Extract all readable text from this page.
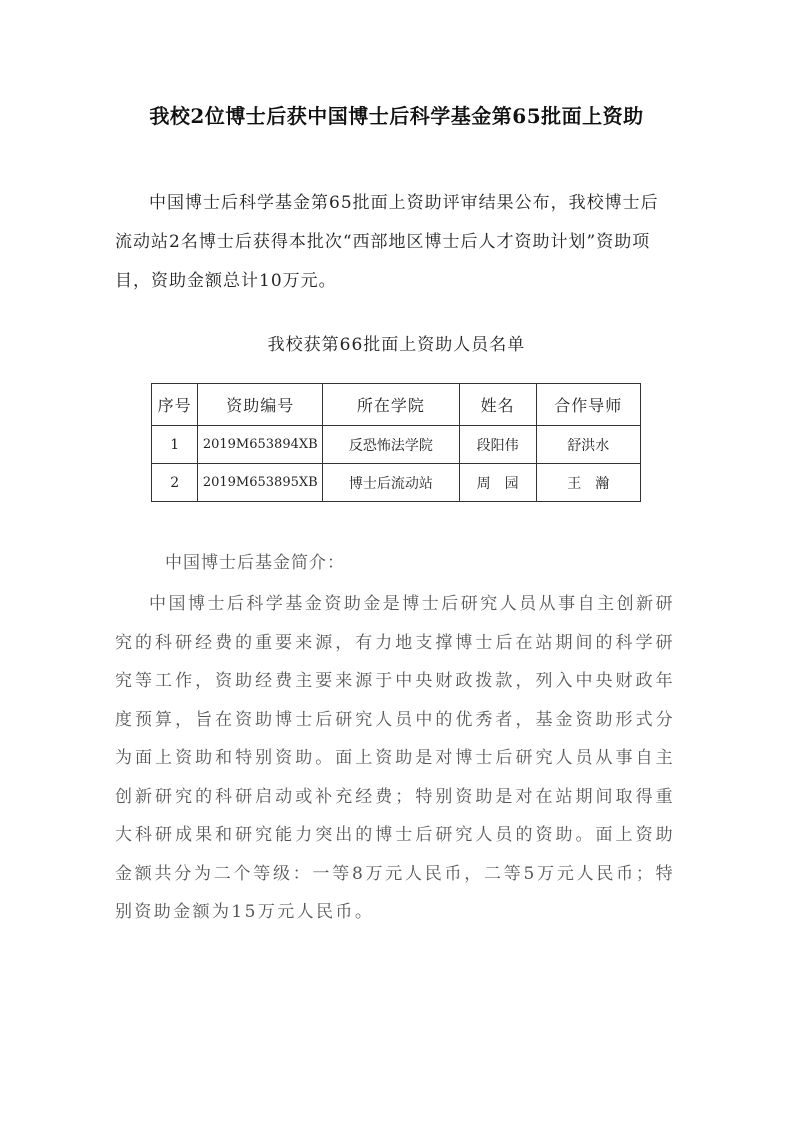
我校2位博士后获中国博士后科学基金第65批面上资助

中国博士后科学基金第65批面上资助评审结果公布，我校博士后流动站2名博士后获得本批次“西部地区博士后人才资助计划”资助项目，资助金额总计10万元。

我校获第66批面上资助人员名单
序号	资助编号	所在学院	姓名	合作导师
1	2019M653894XB	反恐怖法学院	段阳伟	舒洪水
2	2019M653895XB	博士后流动站	周　园	王　瀚
中国博士后基金简介：

中国博士后科学基金资助金是博士后研究人员从事自主创新研究的科研经费的重要来源，有力地支撑博士后在站期间的科学研究等工作，资助经费主要来源于中央财政拨款，列入中央财政年度预算，旨在资助博士后研究人员中的优秀者，基金资助形式分为面上资助和特别资助。面上资助是对博士后研究人员从事自主创新研究的科研启动或补充经费；特别资助是对在站期间取得重大科研成果和研究能力突出的博士后研究人员的资助。面上资助金额共分为二个等级：一等8万元人民币，二等5万元人民币；特别资助金额为15万元人民币。
